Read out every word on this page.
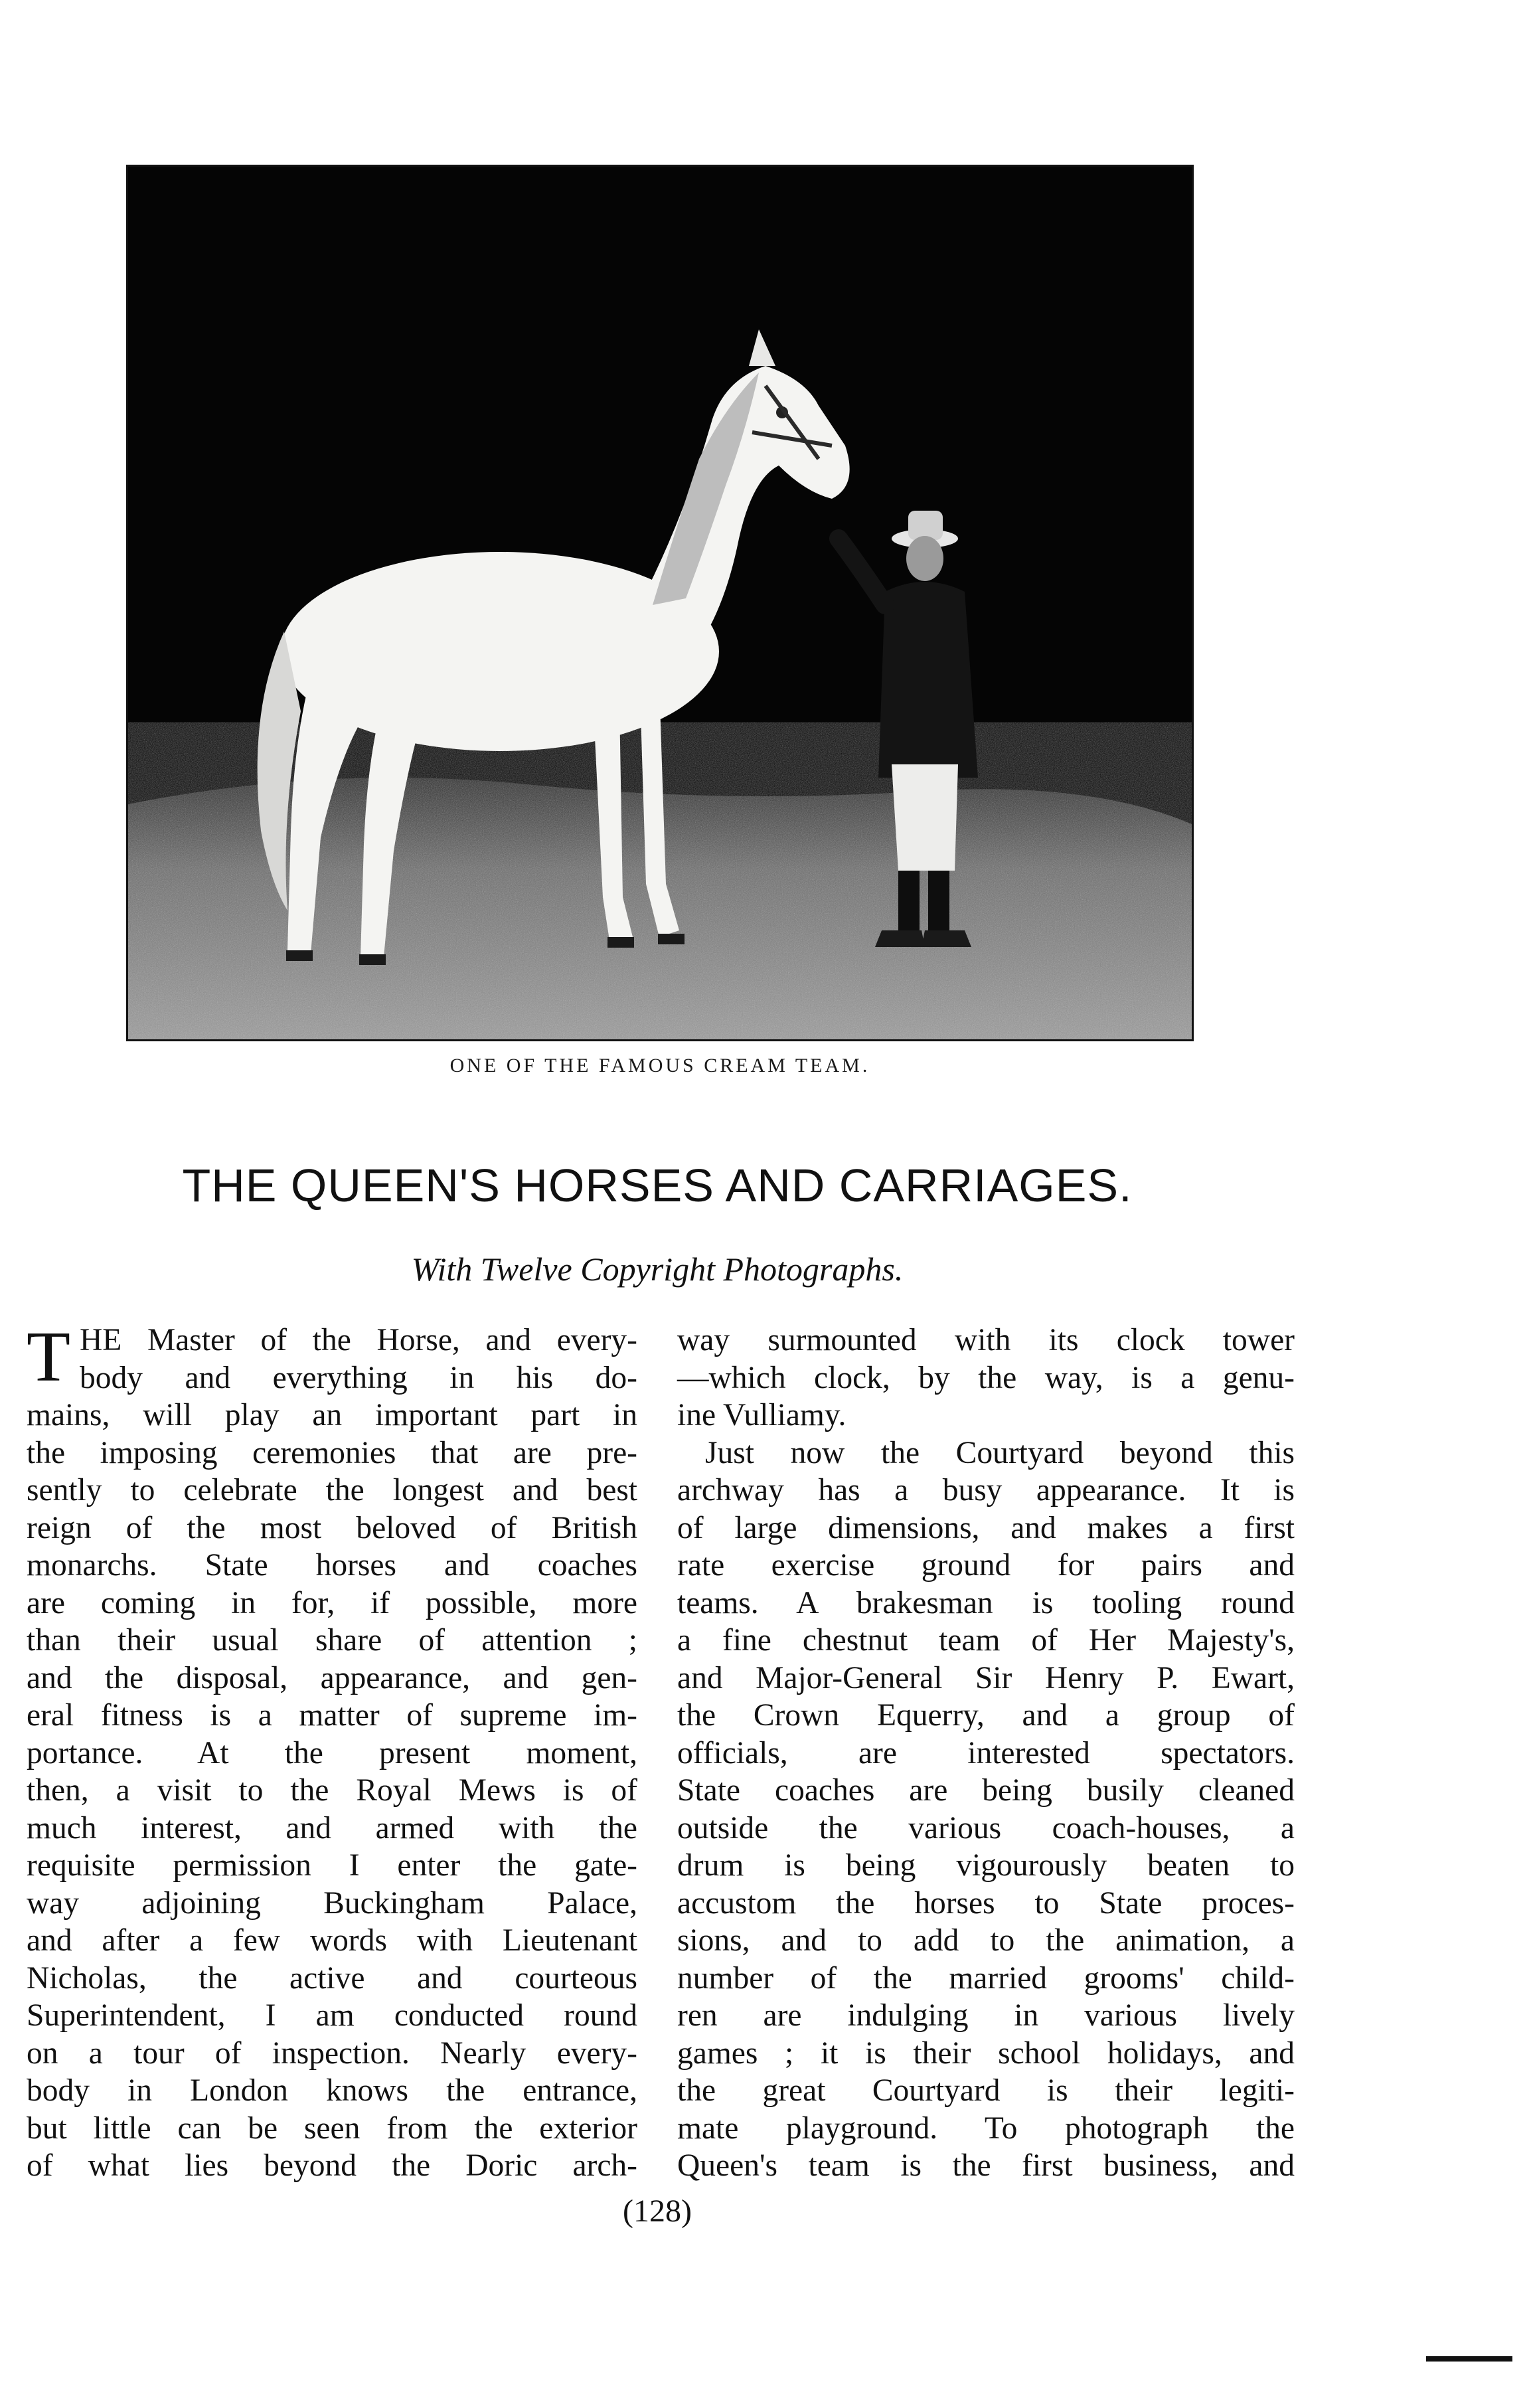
ONE OF THE FAMOUS CREAM TEAM.
THE QUEEN'S HORSES AND CARRIAGES.
With Twelve Copyright Photographs.
T HE Master of the Horse, and every-
body and everything in his do-
mains, will play an important part in
the imposing ceremonies that are pre-
sently to celebrate the longest and best
reign of the most beloved of British
monarchs. State horses and coaches
are coming in for, if possible, more
than their usual share of attention ;
and the disposal, appearance, and gen-
eral fitness is a matter of supreme im-
portance. At the present moment,
then, a visit to the Royal Mews is of
much interest, and armed with the
requisite permission I enter the gate-
way adjoining Buckingham Palace,
and after a few words with Lieutenant
Nicholas, the active and courteous
Superintendent, I am conducted round
on a tour of inspection. Nearly every-
body in London knows the entrance,
but little can be seen from the exterior
of what lies beyond the Doric arch-
way surmounted with its clock tower
—which clock, by the way, is a genu-
ine Vulliamy.
Just now the Courtyard beyond this
archway has a busy appearance. It is
of large dimensions, and makes a first
rate exercise ground for pairs and
teams. A brakesman is tooling round
a fine chestnut team of Her Majesty's,
and Major-General Sir Henry P. Ewart,
the Crown Equerry, and a group of
officials, are interested spectators.
State coaches are being busily cleaned
outside the various coach-houses, a
drum is being vigourously beaten to
accustom the horses to State proces-
sions, and to add to the animation, a
number of the married grooms' child-
ren are indulging in various lively
games ; it is their school holidays, and
the great Courtyard is their legiti-
mate playground. To photograph the
Queen's team is the first business, and
(128)
